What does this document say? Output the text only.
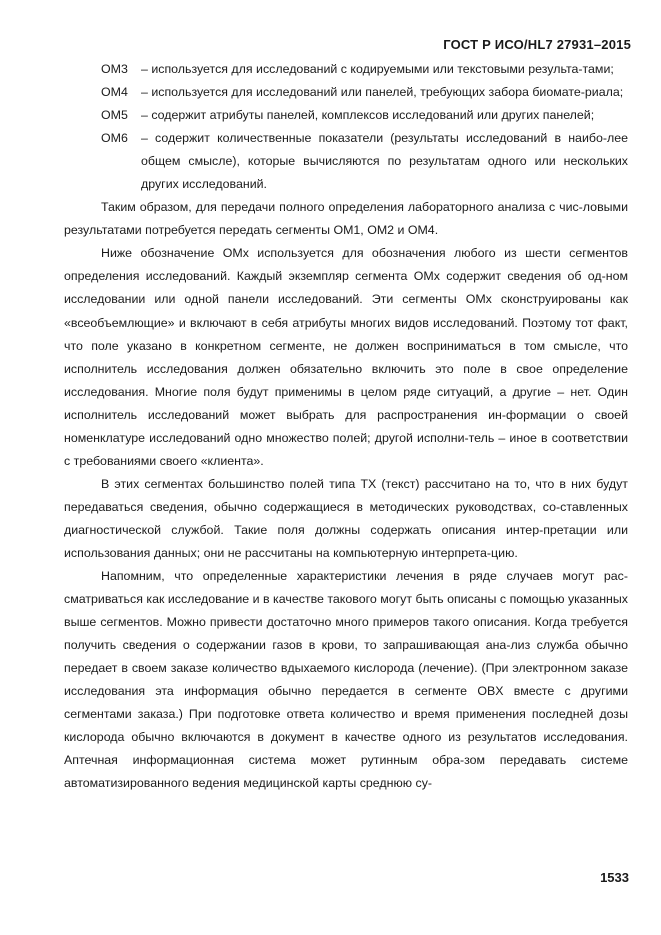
ГОСТ Р ИСО/HL7 27931–2015

OM3	– используется для исследований с кодируемыми или текстовыми результа-тами;

OM4	– используется для исследований или панелей, требующих забора биомате-риала;

OM5	– содержит атрибуты панелей, комплексов исследований или других панелей;

OM6	– содержит количественные показатели (результаты исследований в наибо-лее общем смысле), которые вычисляются по результатам одного или нескольких других исследований.

Таким образом, для передачи полного определения лабораторного анализа с чис-ловыми результатами потребуется передать сегменты OM1, OM2 и OM4.

Ниже обозначение OMx используется для обозначения любого из шести сегментов определения исследований. Каждый экземпляр сегмента OMx содержит сведения об од-ном исследовании или одной панели исследований. Эти сегменты OMx сконструированы как «всеобъемлющие» и включают в себя атрибуты многих видов исследований. Поэтому тот факт, что поле указано в конкретном сегменте, не должен восприниматься в том смысле, что исполнитель исследования должен обязательно включить это поле в свое определение исследования. Многие поля будут применимы в целом ряде ситуаций, а другие – нет. Один исполнитель исследований может выбрать для распространения ин-формации о своей номенклатуре исследований одно множество полей; другой исполни-тель – иное в соответствии с требованиями своего «клиента».

В этих сегментах большинство полей типа TX (текст) рассчитано на то, что в них будут передаваться сведения, обычно содержащиеся в методических руководствах, со-ставленных диагностической службой. Такие поля должны содержать описания интер-претации или использования данных; они не рассчитаны на компьютерную интерпрета-цию.

Напомним, что определенные характеристики лечения в ряде случаев могут рас-сматриваться как исследование и в качестве такового могут быть описаны с помощью указанных выше сегментов. Можно привести достаточно много примеров такого описания. Когда требуется получить сведения о содержании газов в крови, то запрашивающая ана-лиз служба обычно передает в своем заказе количество вдыхаемого кислорода (лечение). (При электронном заказе исследования эта информация обычно передается в сегменте OBX вместе с другими сегментами заказа.) При подготовке ответа количество и время применения последней дозы кислорода обычно включаются в документ в качестве одного из результатов исследования. Аптечная информационная система может рутинным обра-зом передавать системе автоматизированного ведения медицинской карты среднюю су-

1533
